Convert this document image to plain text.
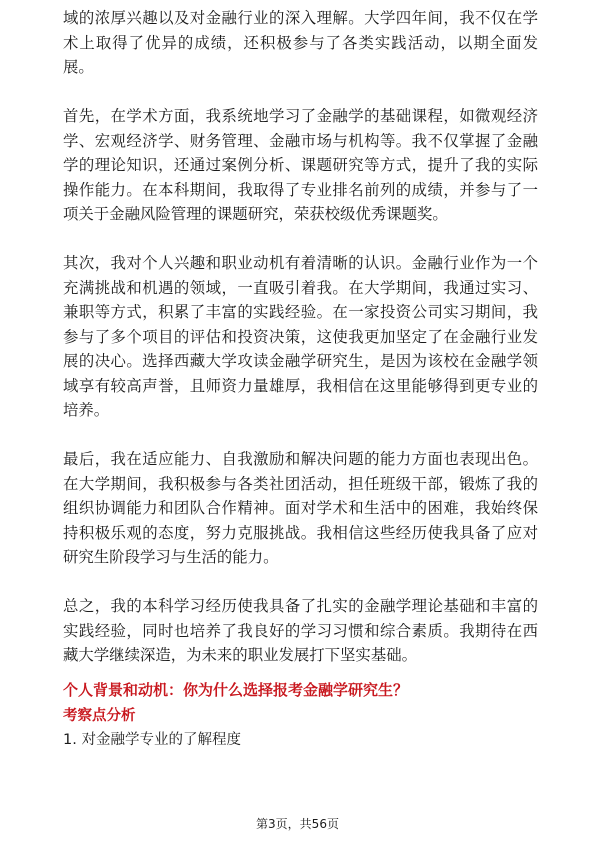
域的浓厚兴趣以及对金融行业的深入理解。大学四年间，我不仅在学术上取得了优异的成绩，还积极参与了各类实践活动，以期全面发展。

首先，在学术方面，我系统地学习了金融学的基础课程，如微观经济学、宏观经济学、财务管理、金融市场与机构等。我不仅掌握了金融学的理论知识，还通过案例分析、课题研究等方式，提升了我的实际操作能力。在本科期间，我取得了专业排名前列的成绩，并参与了一项关于金融风险管理的课题研究，荣获校级优秀课题奖。

其次，我对个人兴趣和职业动机有着清晰的认识。金融行业作为一个充满挑战和机遇的领域，一直吸引着我。在大学期间，我通过实习、兼职等方式，积累了丰富的实践经验。在一家投资公司实习期间，我参与了多个项目的评估和投资决策，这使我更加坚定了在金融行业发展的决心。选择西藏大学攻读金融学研究生，是因为该校在金融学领域享有较高声誉，且师资力量雄厚，我相信在这里能够得到更专业的培养。

最后，我在适应能力、自我激励和解决问题的能力方面也表现出色。在大学期间，我积极参与各类社团活动，担任班级干部，锻炼了我的组织协调能力和团队合作精神。面对学术和生活中的困难，我始终保持积极乐观的态度，努力克服挑战。我相信这些经历使我具备了应对研究生阶段学习与生活的能力。

总之，我的本科学习经历使我具备了扎实的金融学理论基础和丰富的实践经验，同时也培养了我良好的学习习惯和综合素质。我期待在西藏大学继续深造，为未来的职业发展打下坚实基础。

个人背景和动机：你为什么选择报考金融学研究生？

考察点分析

1. 对金融学专业的了解程度

第3页，共56页
